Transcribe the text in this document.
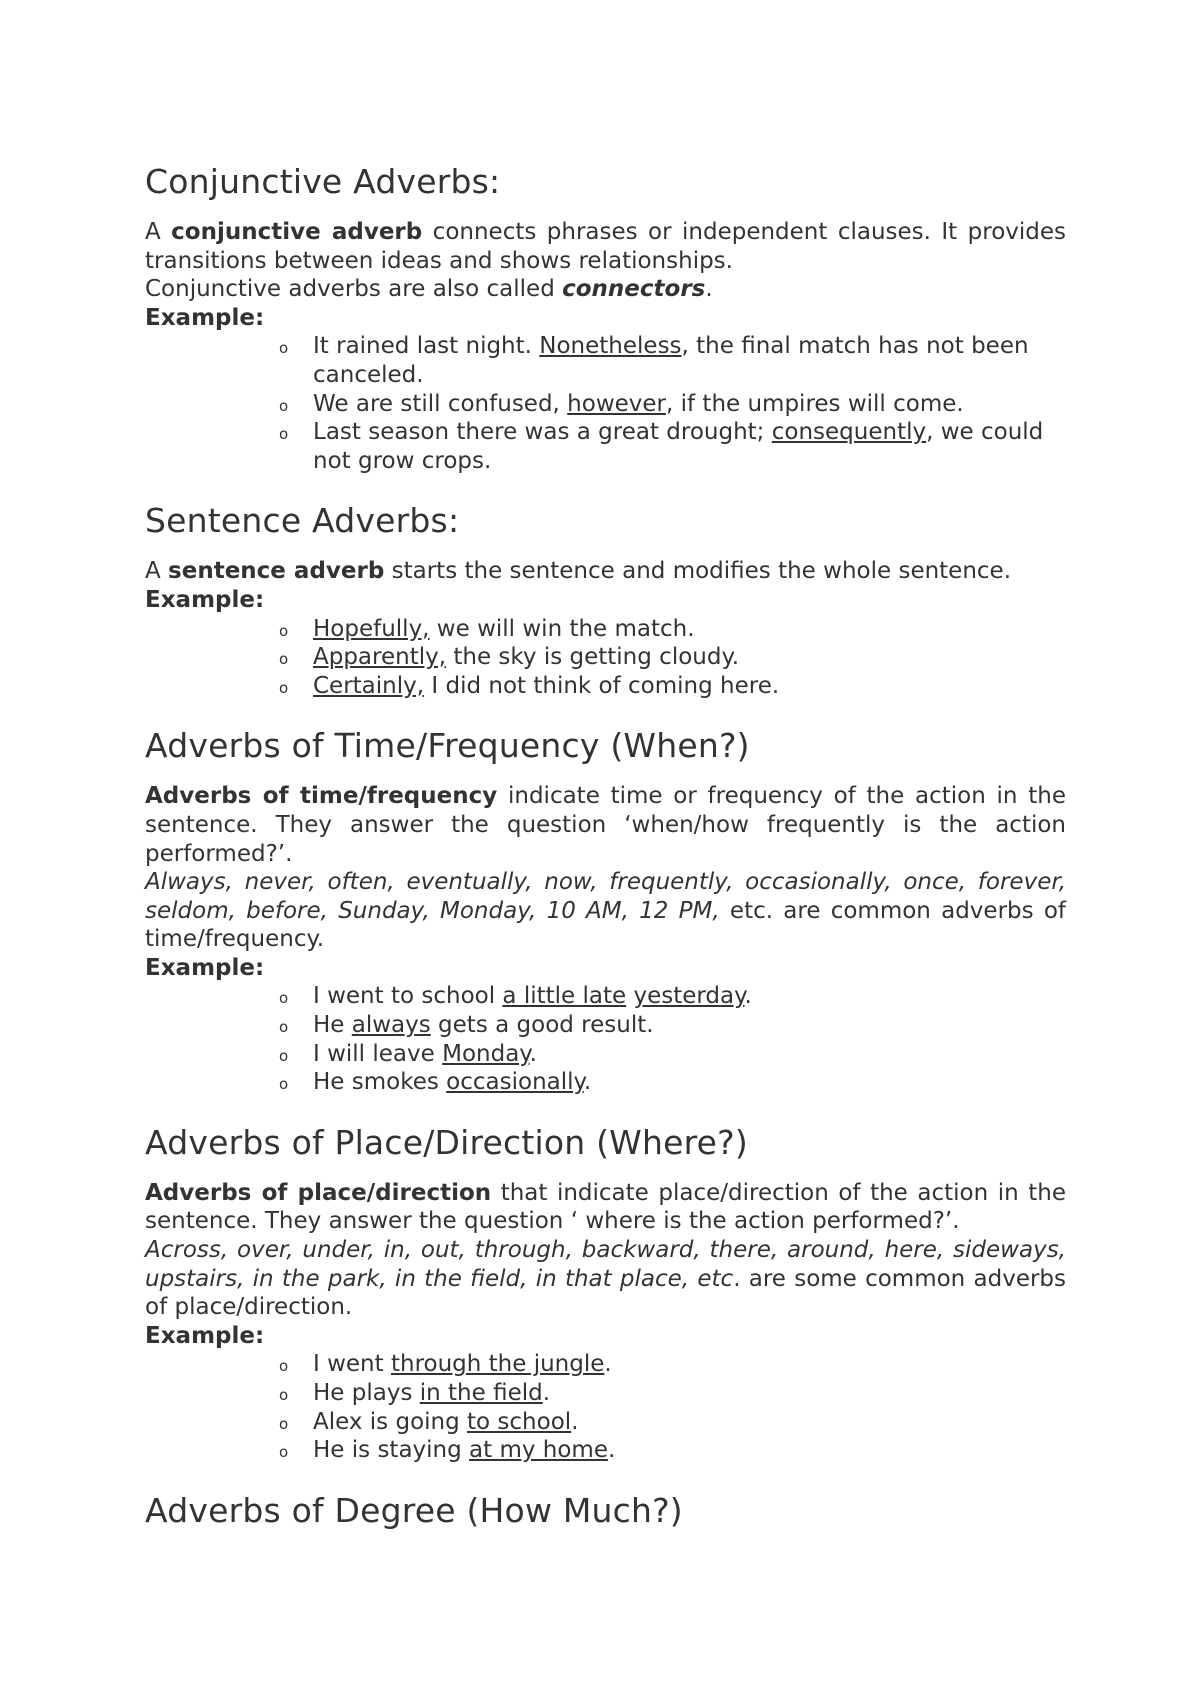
Conjunctive Adverbs:

A conjunctive adverb connects phrases or independent clauses. It provides transitions between ideas and shows relationships.

Conjunctive adverbs are also called connectors.

Example:

o It rained last night. Nonetheless, the final match has not been canceled.
o We are still confused, however, if the umpires will come.
o Last season there was a great drought; consequently, we could not grow crops.
Sentence Adverbs:

A sentence adverb starts the sentence and modifies the whole sentence.

Example:

o Hopefully, we will win the match.
o Apparently, the sky is getting cloudy.
o Certainly, I did not think of coming here.
Adverbs of Time/Frequency (When?)

Adverbs of time/frequency indicate time or frequency of the action in the sentence. They answer the question ‘when/how frequently is the action performed?’.

Always, never, often, eventually, now, frequently, occasionally, once, forever, seldom, before, Sunday, Monday, 10 AM, 12 PM, etc. are common adverbs of time/frequency.

Example:

o I went to school a little late yesterday.
o He always gets a good result.
o I will leave Monday.
o He smokes occasionally.
Adverbs of Place/Direction (Where?)

Adverbs of place/direction that indicate place/direction of the action in the sentence. They answer the question ‘ where is the action performed?’.

Across, over, under, in, out, through, backward, there, around, here, sideways, upstairs, in the park, in the field, in that place, etc. are some common adverbs of place/direction.

Example:

o I went through the jungle.
o He plays in the field.
o Alex is going to school.
o He is staying at my home.
Adverbs of Degree (How Much?)
